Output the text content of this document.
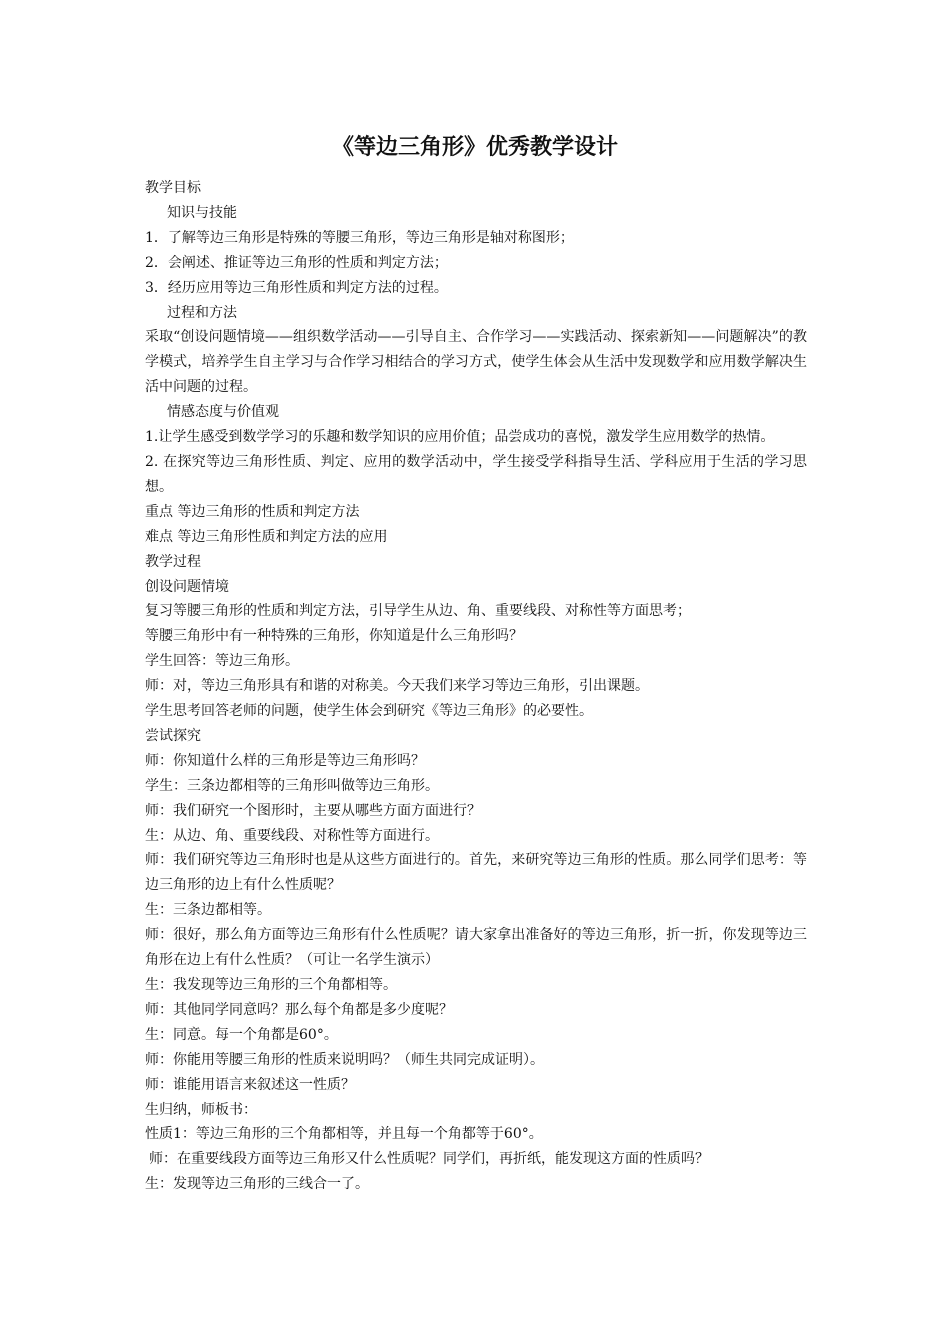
《等边三角形》优秀教学设计

教学目标

知识与技能

1．了解等边三角形是特殊的等腰三角形，等边三角形是轴对称图形；

2．会阐述、推证等边三角形的性质和判定方法；

3．经历应用等边三角形性质和判定方法的过程。

过程和方法

采取“创设问题情境——组织数学活动——引导自主、合作学习——实践活动、探索新知——问题解决”的教学模式，培养学生自主学习与合作学习相结合的学习方式，使学生体会从生活中发现数学和应用数学解决生活中问题的过程。

情感态度与价值观

1.让学生感受到数学学习的乐趣和数学知识的应用价值；品尝成功的喜悦，激发学生应用数学的热情。

2. 在探究等边三角形性质、判定、应用的数学活动中，学生接受学科指导生活、学科应用于生活的学习思想。

重点 等边三角形的性质和判定方法

难点 等边三角形性质和判定方法的应用

教学过程

创设问题情境

复习等腰三角形的性质和判定方法，引导学生从边、角、重要线段、对称性等方面思考；

等腰三角形中有一种特殊的三角形，你知道是什么三角形吗？

学生回答：等边三角形。

师：对，等边三角形具有和谐的对称美。今天我们来学习等边三角形，引出课题。

学生思考回答老师的问题，使学生体会到研究《等边三角形》的必要性。

尝试探究

师：你知道什么样的三角形是等边三角形吗？

学生：三条边都相等的三角形叫做等边三角形。

师：我们研究一个图形时，主要从哪些方面方面进行？

生：从边、角、重要线段、对称性等方面进行。

师：我们研究等边三角形时也是从这些方面进行的。首先，来研究等边三角形的性质。那么同学们思考：等边三角形的边上有什么性质呢？

生：三条边都相等。

师：很好，那么角方面等边三角形有什么性质呢？请大家拿出准备好的等边三角形，折一折，你发现等边三角形在边上有什么性质？（可让一名学生演示）

生：我发现等边三角形的三个角都相等。

师：其他同学同意吗？那么每个角都是多少度呢？

生：同意。每一个角都是60°。

师：你能用等腰三角形的性质来说明吗？（师生共同完成证明）。

师：谁能用语言来叙述这一性质？

生归纳，师板书：

性质1：等边三角形的三个角都相等，并且每一个角都等于60°。

师：在重要线段方面等边三角形又什么性质呢？同学们，再折纸，能发现这方面的性质吗？

生：发现等边三角形的三线合一了。
